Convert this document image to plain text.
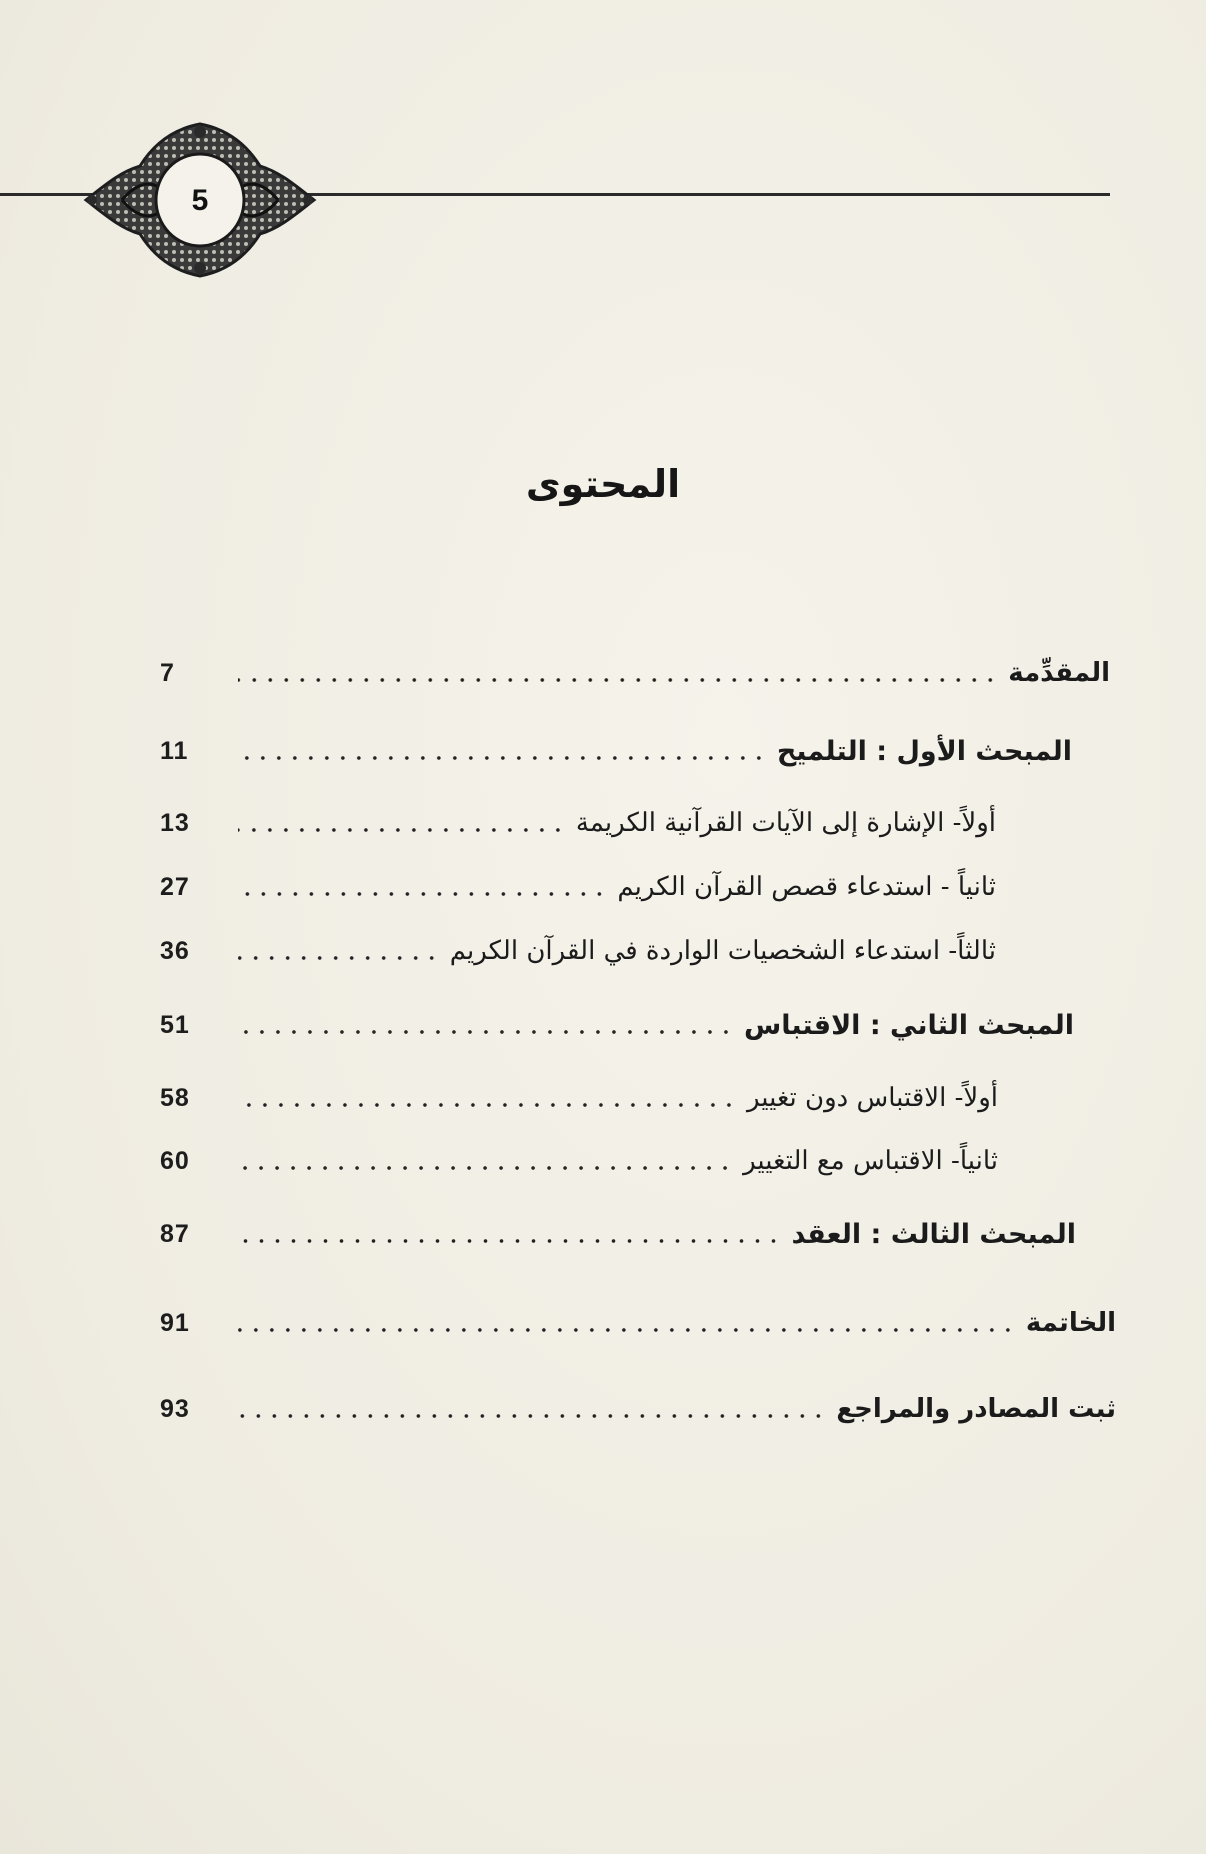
5
المحتوى
7	المقدِّمة
11	المبحث الأول : التلميح
13	أولاً- الإشارة إلى الآيات القرآنية الكريمة
27	ثانياً - استدعاء قصص القرآن الكريم
36	ثالثاً- استدعاء الشخصيات الواردة في القرآن الكريم
51	المبحث الثاني : الاقتباس
58	أولاً- الاقتباس دون تغيير
60	ثانياً- الاقتباس مع التغيير
87	المبحث الثالث : العقد
91	الخاتمة
93	ثبت المصادر والمراجع
